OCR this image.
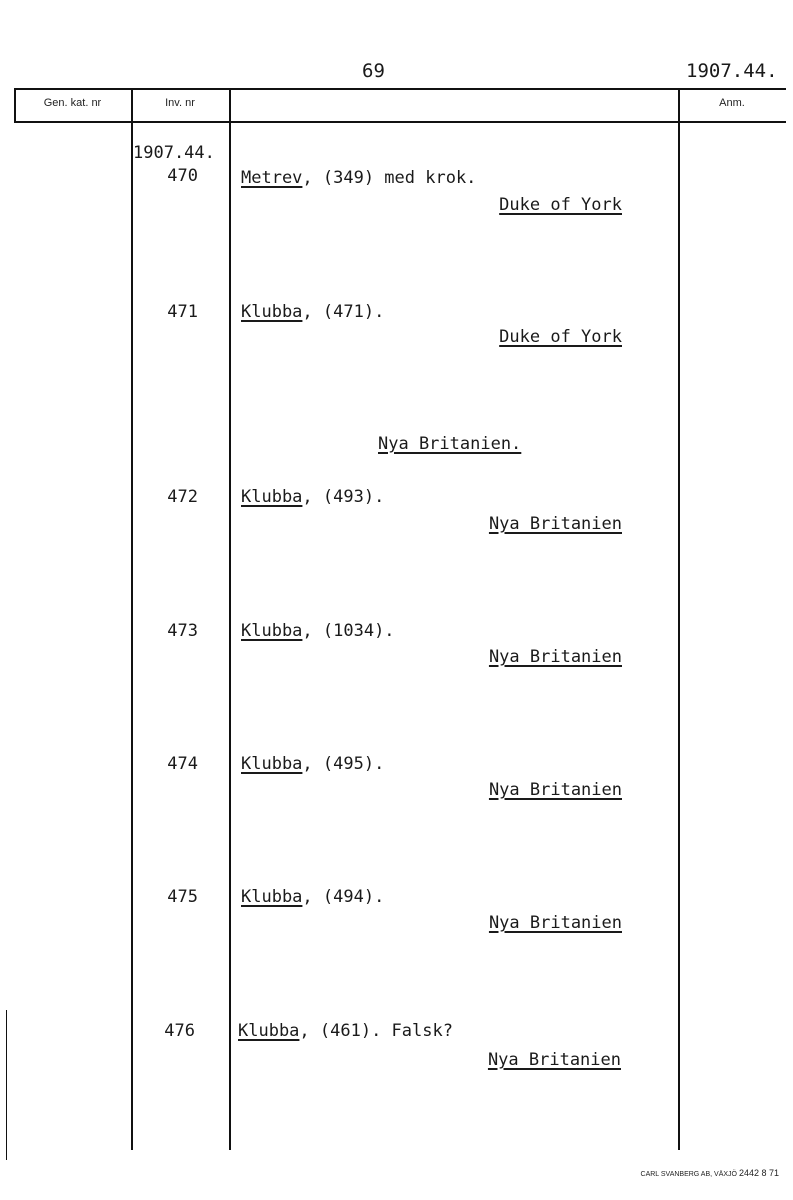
69	1907.44.
Gen. kat. nr	Inv. nr	Anm.
1907.44.
470	Metrev, (349) med krok.
Duke of York
471	Klubba, (471).
Duke of York
Nya Britanien.
472	Klubba, (493).
Nya Britanien
473	Klubba, (1034).
Nya Britanien
474	Klubba, (495).
Nya Britanien
475	Klubba, (494).
Nya Britanien
476	Klubba, (461). Falsk?
Nya Britanien
CARL SVANBERG AB, VÄXJÖ 2442 8 71
